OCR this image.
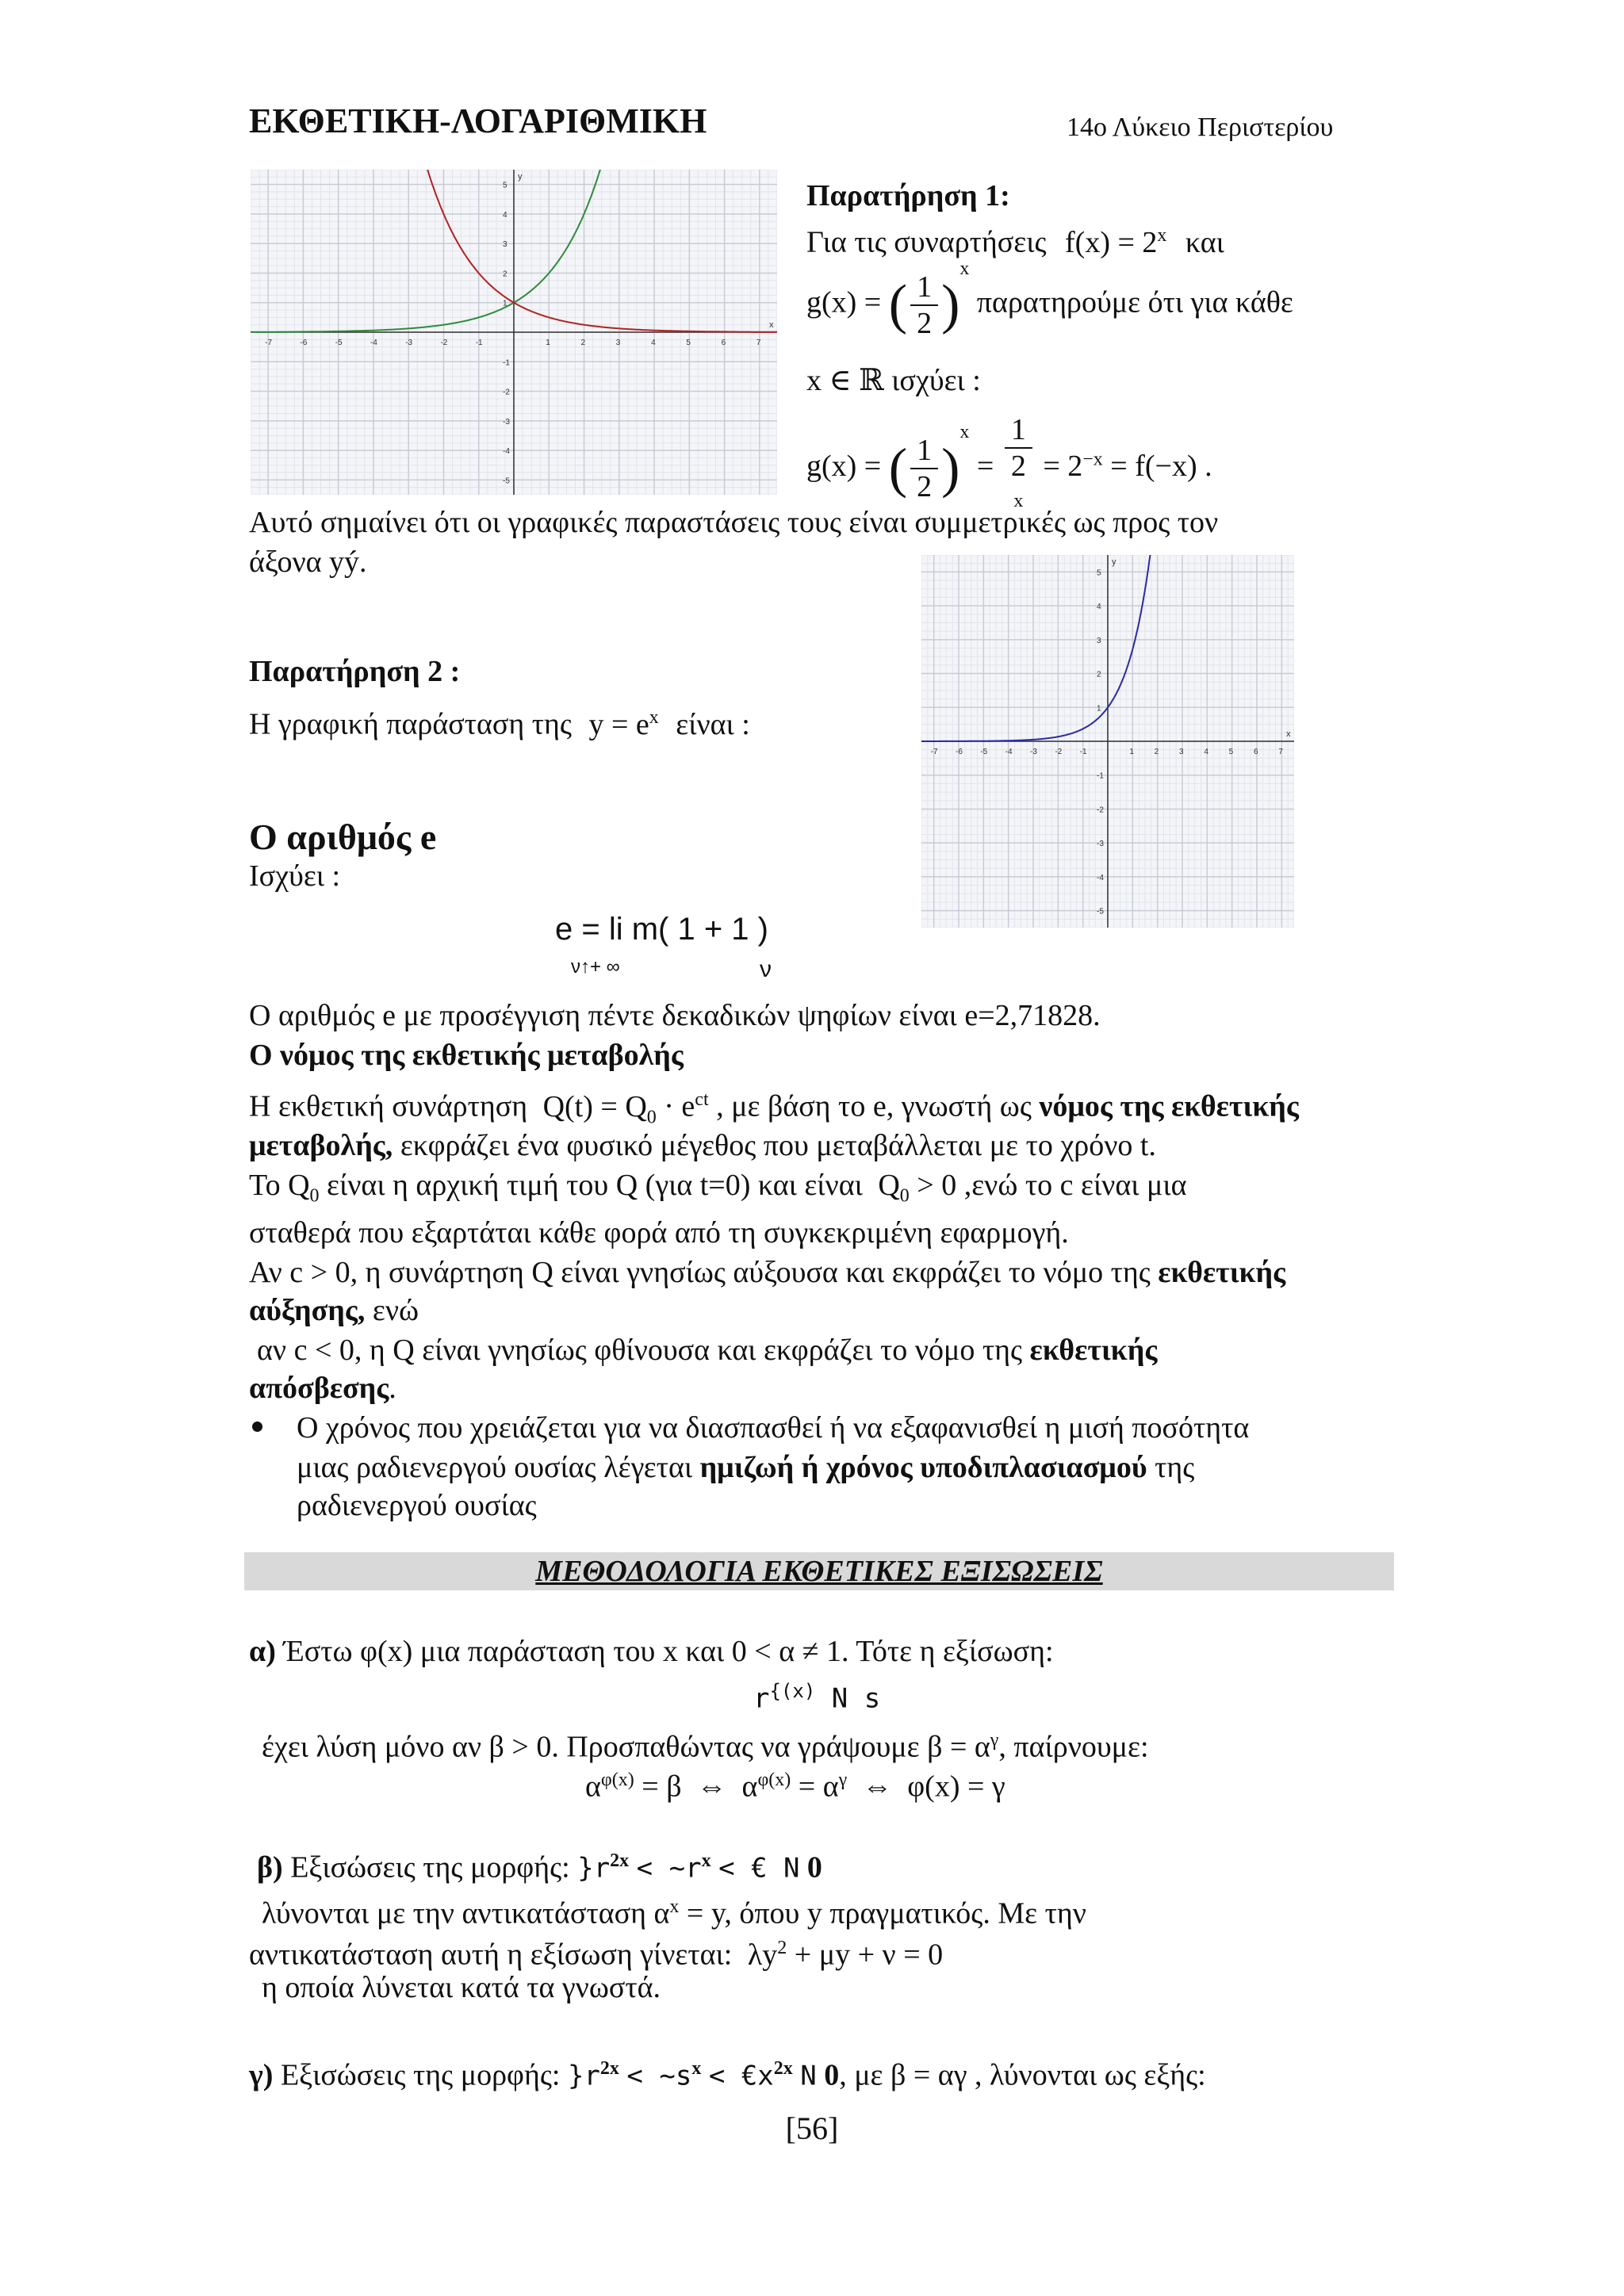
ΕΚΘΕΤΙΚΗ-ΛΟΓΑΡΙΘΜΙΚΗ	14ο Λύκειο Περιστερίου
-7	-6	-5	-4	-3	-2	-1	1	2	3	4	5	6	7
5
4
3
2
1
-1
-2
-3
-4
-5
x
y
Παρατήρηση 1:
Για τις συναρτήσεις $f(x) = 2^x$ και
g(x) = ( $\frac{1}{2} )^x$ παρατηρούμε ότι για κάθε
x ∈ ℝ ισχύει :
g(x) = ( $\frac{1}{2} )^x = 1$
2
$^x = 2^{-x} = f(-x)$ .
Αυτό σημαίνει ότι οι γραφικές παραστάσεις τους είναι συμμετρικές ως προς τον
άξονα yý.
-7 -6 -5 -4 -3 -2 -1	1	2	3	4	5	6	7
5
4
3
2
1
-1
-2
-3
-4
-5
x
y
Παρατήρηση 2 :
Η γραφική παράσταση της $y = e^x$ είναι :
Ο αριθμός e
Ισχύει :
e = li m( 1 + 1 )
ν↑+ ∞	ν
Ο αριθμός e με προσέγγιση πέντε δεκαδικών ψηφίων είναι e=2,71828.
Ο νόμος της εκθετικής μεταβολής
Η εκθετική συνάρτηση $Q(t) = Q_0 \cdot e^{ct}$ , με βάση το e, γνωστή ως νόμος της εκθετικής
μεταβολής, εκφράζει ένα φυσικό μέγεθος που μεταβάλλεται με το χρόνο t.
Το $Q_0$ είναι η αρχική τιμή του Q (για t=0) και είναι $Q_0 > 0$ ,ενώ το c είναι μια
σταθερά που εξαρτάται κάθε φορά από τη συγκεκριμένη εφαρμογή.
Αν c > 0, η συνάρτηση Q είναι γνησίως αύξουσα και εκφράζει το νόμο της εκθετικής
αύξησης, ενώ
αν c < 0, η Q είναι γνησίως φθίνουσα και εκφράζει το νόμο της εκθετικής
απόσβεσης.
Ο χρόνος που χρειάζεται για να διασπασθεί ή να εξαφανισθεί η μισή ποσότητα
μιας ραδιενεργού ουσίας λέγεται ημιζωή ή χρόνος υποδιπλασιασμού της
ραδιενεργού ουσίας
ΜΕΘΟΔΟΛΟΓΙΑ ΕΚΘΕΤΙΚΕΣ ΕΞΙΣΩΣΕΙΣ
α) Έστω φ(x) μια παράσταση του x και 0 < α ≠ 1. Τότε η εξίσωση:
$r^{\{(x)}$ N s
έχει λύση μόνο αν β > 0. Προσπαθώντας να γράψουμε $\beta = \alpha^\gamma$, παίρνουμε:
$\alpha^{\varphi(x)} = \beta$  ⇔  $\alpha^{\varphi(x)} = \alpha^\gamma$  ⇔  φ(x) = γ
β) Εξισώσεις της μορφής: }$r^{2x}$ < $\sim r^x$ < € N 0
λύνονται με την αντικατάσταση $\alpha^x = y$, όπου y πραγματικός. Με την
αντικατάσταση αυτή η εξίσωση γίνεται: $\lambda y^2 + \mu y + \nu = 0$
η οποία λύνεται κατά τα γνωστά.
γ) Εξισώσεις της μορφής: }$r^{2x}$ < $\sim s^x$ < $€x^{2x}$ N 0, με β = αγ , λύνονται ως εξής:
[56]
